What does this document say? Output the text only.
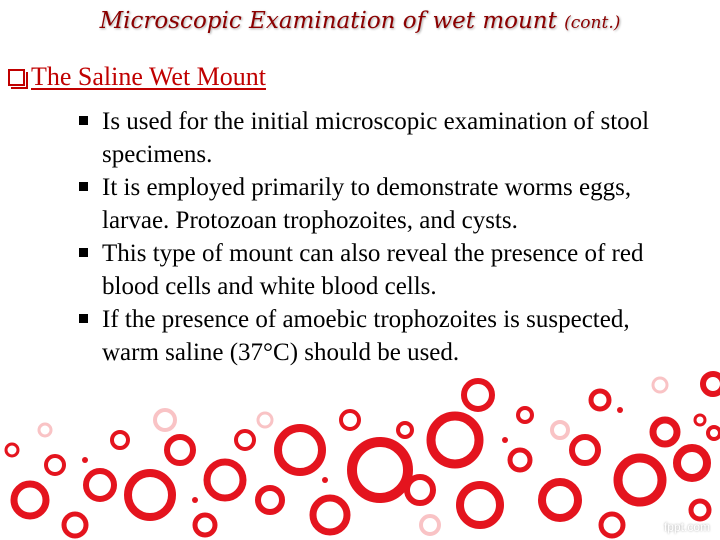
Microscopic Examination of wet mount (cont.)
The Saline Wet Mount
Is used for the initial microscopic examination of stool specimens.
It is employed primarily to demonstrate worms eggs, larvae. Protozoan trophozoites, and cysts.
This type of mount can also reveal the presence of red blood cells and white blood cells.
If the presence of amoebic trophozoites is suspected, warm saline (37°C) should be used.
fppt.com
